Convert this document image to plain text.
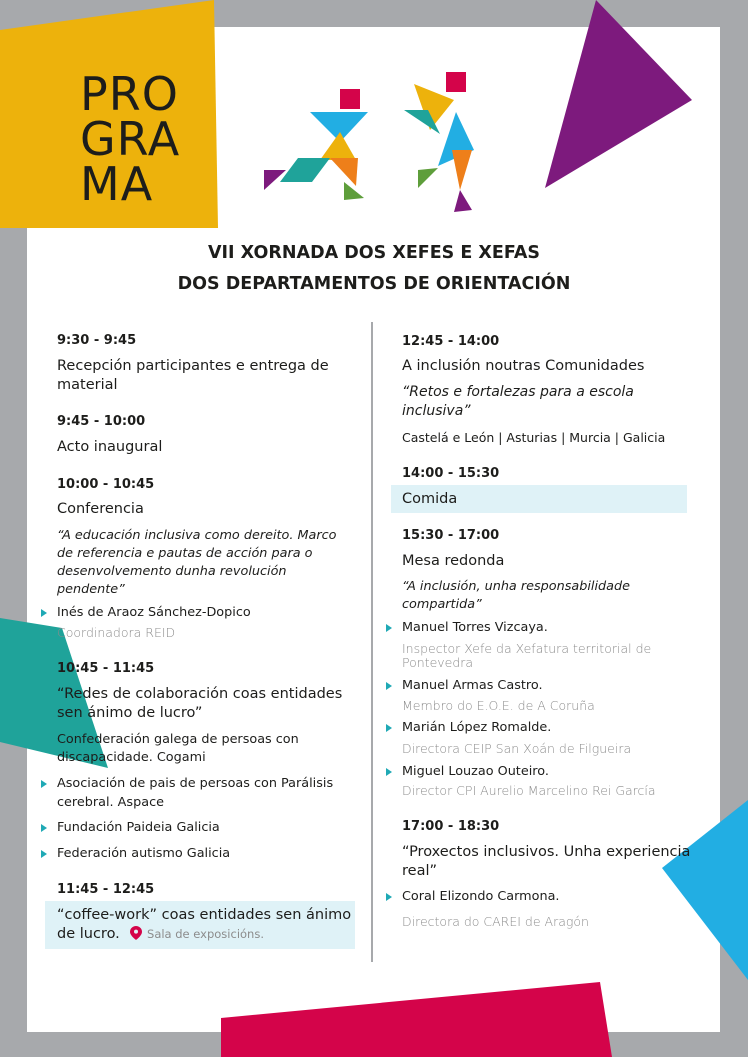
PRO
GRA
MA
VII XORNADA DOS XEFES E XEFAS
DOS DEPARTAMENTOS DE ORIENTACIÓN
9:30 - 9:45
Recepción participantes e entrega de
material
9:45 - 10:00
Acto inaugural
10:00 - 10:45
Conferencia
“A educación inclusiva como dereito. Marco
de referencia e pautas de acción para o
desenvolvemento dunha revolución
pendente”
Inés de Araoz Sánchez-Dopico
Coordinadora REID
10:45 - 11:45
“Redes de colaboración coas entidades
sen ánimo de lucro”
Confederación galega de persoas con
discapacidade. Cogami
Asociación de pais de persoas con Parálisis
cerebral. Aspace
Fundación Paideia Galicia
Federación autismo Galicia
11:45 - 12:45
“coffee-work” coas entidades sen ánimo
de lucro. Sala de exposicións.
12:45 - 14:00
A inclusión noutras Comunidades
“Retos e fortalezas para a escola
inclusiva”
Castelá e León | Asturias | Murcia | Galicia
14:00 - 15:30
Comida
15:30 - 17:00
Mesa redonda
“A inclusión, unha responsabilidade
compartida”
Manuel Torres Vizcaya.
Inspector Xefe da Xefatura territorial de
Pontevedra
Manuel Armas Castro.
Membro do E.O.E. de A Coruña
Marián López Romalde.
Directora CEIP San Xoán de Filgueira
Miguel Louzao Outeiro.
Director CPI Aurelio Marcelino Rei García
17:00 - 18:30
“Proxectos inclusivos. Unha experiencia
real”
Coral Elizondo Carmona.
Directora do CAREI de Aragón
